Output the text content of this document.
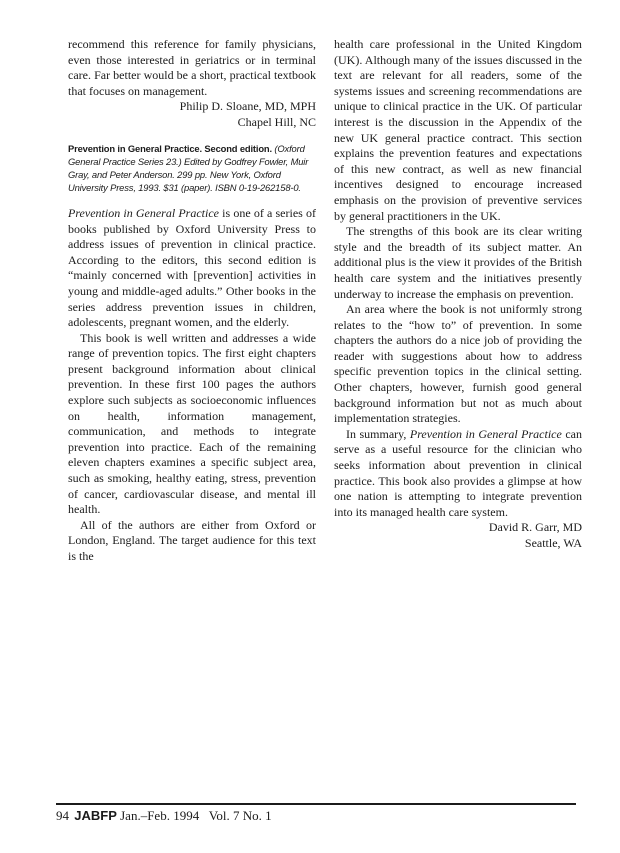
recommend this reference for family physicians, even those interested in geriatrics or in terminal care. Far better would be a short, practical textbook that focuses on management.

Philip D. Sloane, MD, MPH
Chapel Hill, NC
Prevention in General Practice. Second edition. (Oxford General Practice Series 23.) Edited by Godfrey Fowler, Muir Gray, and Peter Anderson. 299 pp. New York, Oxford University Press, 1993. $31 (paper). ISBN 0-19-262158-0.

Prevention in General Practice is one of a series of books published by Oxford University Press to address issues of prevention in clinical practice. According to the editors, this second edition is “mainly concerned with [prevention] activities in young and middle-aged adults.” Other books in the series address prevention issues in children, adolescents, pregnant women, and the elderly.

This book is well written and addresses a wide range of prevention topics. The first eight chapters present background information about clinical prevention. In these first 100 pages the authors explore such subjects as socioeconomic influences on health, information management, communication, and methods to integrate prevention into practice. Each of the remaining eleven chapters examines a specific subject area, such as smoking, healthy eating, stress, prevention of cancer, cardiovascular disease, and mental ill health.

All of the authors are either from Oxford or London, England. The target audience for this text is the

health care professional in the United Kingdom (UK). Although many of the issues discussed in the text are relevant for all readers, some of the systems issues and screening recommendations are unique to clinical practice in the UK. Of particular interest is the discussion in the Appendix of the new UK general practice contract. This section explains the prevention features and expectations of this new contract, as well as new financial incentives designed to encourage increased emphasis on the provision of preventive services by general practitioners in the UK.

The strengths of this book are its clear writing style and the breadth of its subject matter. An additional plus is the view it provides of the British health care system and the initiatives presently underway to increase the emphasis on prevention.

An area where the book is not uniformly strong relates to the “how to” of prevention. In some chapters the authors do a nice job of providing the reader with suggestions about how to address specific prevention topics in the clinical setting. Other chapters, however, furnish good general background information but not as much about implementation strategies.

In summary, Prevention in General Practice can serve as a useful resource for the clinician who seeks information about prevention in clinical practice. This book also provides a glimpse at how one nation is attempting to integrate prevention into its managed health care system.

David R. Garr, MD
Seattle, WA
94 JABFP Jan.–Feb. 1994   Vol. 7 No. 1
